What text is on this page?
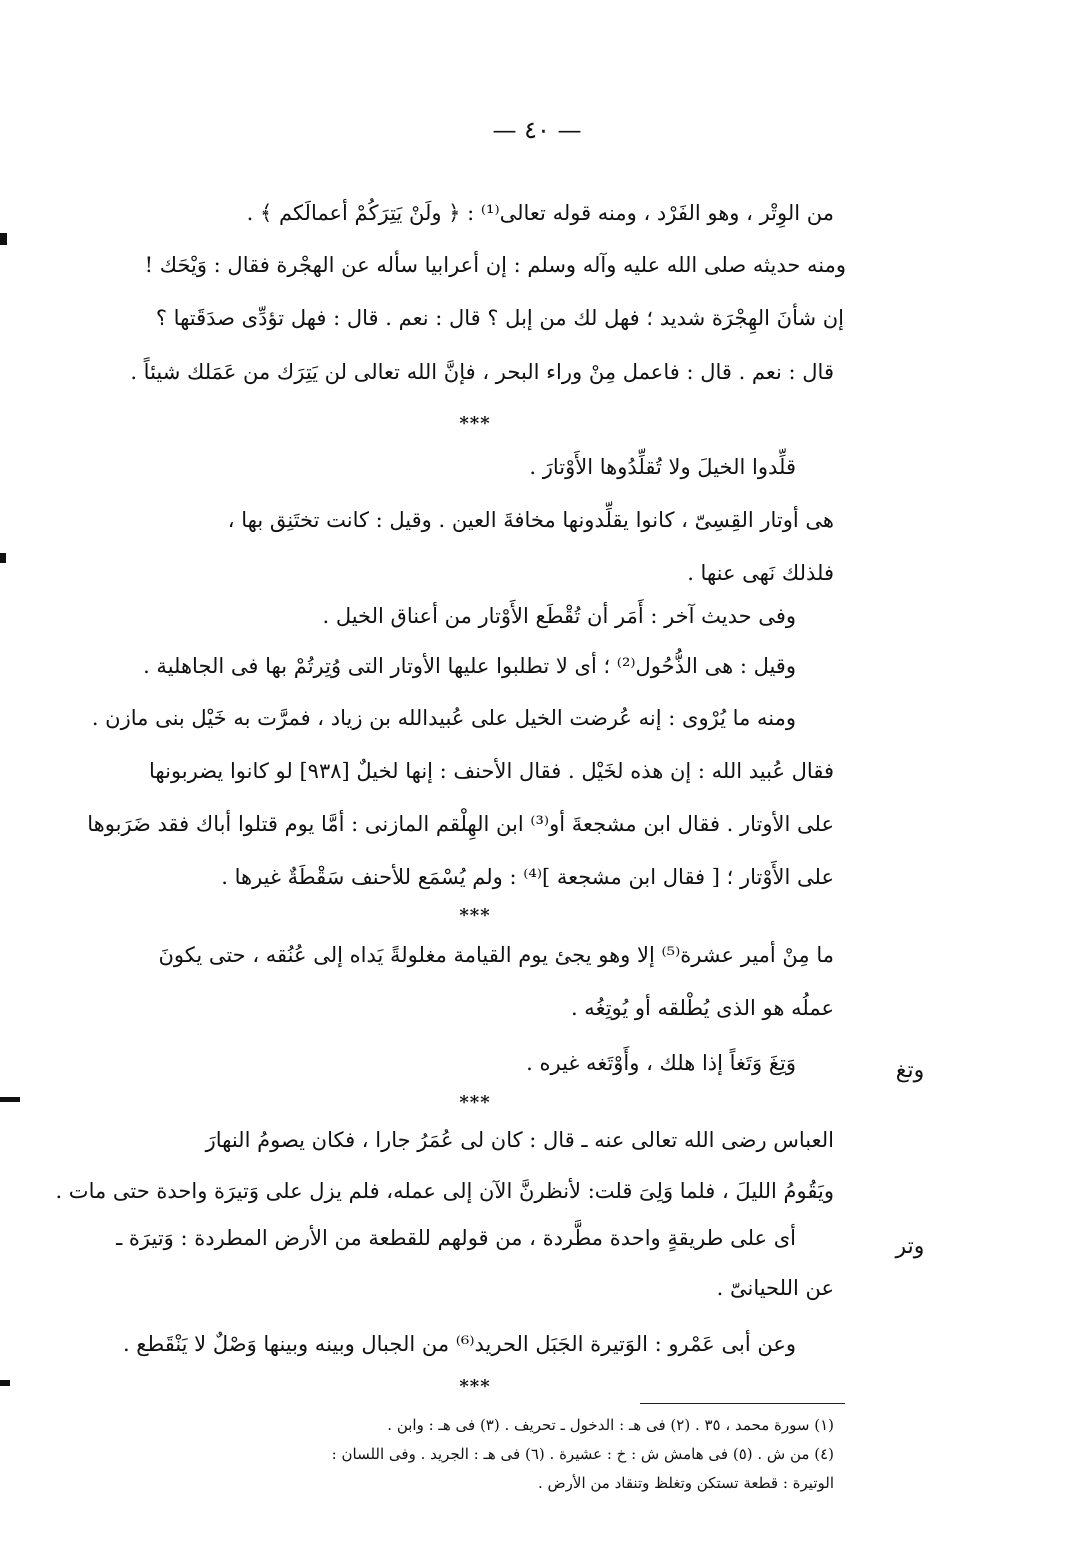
— ٤٠ —
من الوِتْر ، وهو الفَرْد ، ومنه قوله تعالى⁽¹⁾ : ﴿ ولَنْ يَتِرَكُمْ أعمالَكم ﴾ .
ومنه حديثه صلى الله عليه وآله وسلم : إن أعرابيا سأله عن الهجْرة فقال : وَيْحَك !
إن شأنَ الهِجْرَة شديد ؛ فهل لك من إبل ؟ قال : نعم . قال : فهل تؤدِّى صدَقَتها ؟
قال : نعم . قال : فاعمل مِنْ وراء البحر ، فإنَّ الله تعالى لن يَتِرَك من عَمَلك شيئاً .
***
قلِّدوا الخيلَ ولا تُقلِّدُوها الأَوْتارَ .
هى أوتار القِسِىّ ، كانوا يقلِّدونها مخافةَ العين . وقيل : كانت تختَنِق بها ،
فلذلك نَهى عنها .
وفى حديث آخر : أَمَر أن تُقْطَع الأَوْتار من أعناق الخيل .
وقيل : هى الذُّحُول⁽²⁾ ؛ أى لا تطلبوا عليها الأوتار التى وُتِرتُمْ بها فى الجاهلية .
ومنه ما يُرْوى : إنه عُرضت الخيل على عُبيدالله بن زياد ، فمرَّت به خَيْل بنى مازن .
فقال عُبيد الله : إن هذه لخَيْل . فقال الأحنف : إنها لخيلٌ [٩٣٨] لو كانوا يضربونها
على الأوتار . فقال ابن مشجعةَ أو⁽³⁾ ابن الهِلْقم المازنى : أمَّا يوم قتلوا أباك فقد ضَرَبوها
على الأَوْتار ؛ [ فقال ابن مشجعة ]⁽⁴⁾ : ولم يُسْمَع للأحنف سَقْطَةٌ غيرها .
***
ما مِنْ أمير عشرة⁽⁵⁾ إلا وهو يجئ يوم القيامة مغلولةً يَداه إلى عُنُقه ، حتى يكونَ
عملُه هو الذى يُطْلقه أو يُوتِغُه .
وتغ
وَتِغَ وَتَغاً إذا هلك ، وأَوْتَغه غيره .
***
العباس رضى الله تعالى عنه ـ قال : كان لى عُمَرُ جارا ، فكان يصومُ النهارَ
ويَقُومُ الليلَ ، فلما وَلِىَ قلت: لأنظرنَّ الآن إلى عمله، فلم يزل على وَتيرَة واحدة حتى مات .
وتر
أى على طريقةٍ واحدة مطَّردة ، من قولهم للقطعة من الأرض المطردة : وَتيرَة ـ
عن اللحيانىّ .
وعن أبى عَمْرو : الوَتيرة الجَبَل الحريد⁽⁶⁾ من الجبال وبينه وبينها وَصْلٌ لا يَنْقَطع .
***
(١) سورة محمد ، ٣٥ . (٢) فى هـ : الدخول ـ تحريف . (٣) فى هـ : وابن .
(٤) من ش . (٥) فى هامش ش : خ : عشيرة . (٦) فى هـ : الجريد . وفى اللسان :
الوتيرة : قطعة تستكن وتغلظ وتنقاد من الأرض .
